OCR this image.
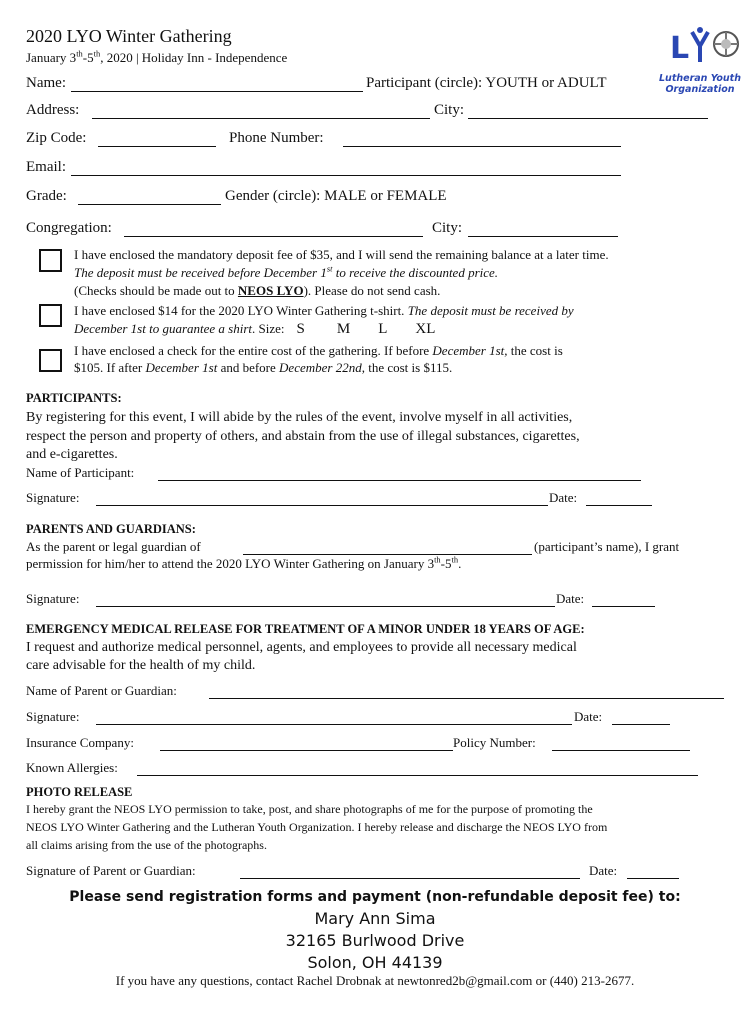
2020 LYO Winter Gathering
January 3th-5th, 2020 | Holiday Inn - Independence	L
Lutheran Youth
Organization
Name:	Participant (circle): YOUTH or ADULT
Address:	City:
Zip Code:	Phone Number:
Email:
Grade:	Gender (circle): MALE or FEMALE
Congregation:	City:
I have enclosed the mandatory deposit fee of $35, and I will send the remaining balance at a later time.
The deposit must be received before December 1st to receive the discounted price.
(Checks should be made out to NEOS LYO). Please do not send cash.
I have enclosed $14 for the 2020 LYO Winter Gathering t-shirt. The deposit must be received by
December 1st to guarantee a shirt. Size: S M L XL
I have enclosed a check for the entire cost of the gathering. If before December 1st, the cost is
$105. If after December 1st and before December 22nd, the cost is $115.
PARTICIPANTS:
By registering for this event, I will abide by the rules of the event, involve myself in all activities,
respect the person and property of others, and abstain from the use of illegal substances, cigarettes,
and e-cigarettes.
Name of Participant:
Signature:	Date:
PARENTS AND GUARDIANS:
As the parent or legal guardian of	(participant’s name), I grant
permission for him/her to attend the 2020 LYO Winter Gathering on January 3th-5th.
Signature:	Date:
EMERGENCY MEDICAL RELEASE FOR TREATMENT OF A MINOR UNDER 18 YEARS OF AGE:
I request and authorize medical personnel, agents, and employees to provide all necessary medical
care advisable for the health of my child.
Name of Parent or Guardian:
Signature:	Date:
Insurance Company:	Policy Number:
Known Allergies:
PHOTO RELEASE
I hereby grant the NEOS LYO permission to take, post, and share photographs of me for the purpose of promoting the
NEOS LYO Winter Gathering and the Lutheran Youth Organization. I hereby release and discharge the NEOS LYO from
all claims arising from the use of the photographs.
Signature of Parent or Guardian:	Date:
Please send registration forms and payment (non-refundable deposit fee) to:
Mary Ann Sima
32165 Burlwood Drive
Solon, OH 44139
If you have any questions, contact Rachel Drobnak at newtonred2b@gmail.com or (440) 213-2677.
